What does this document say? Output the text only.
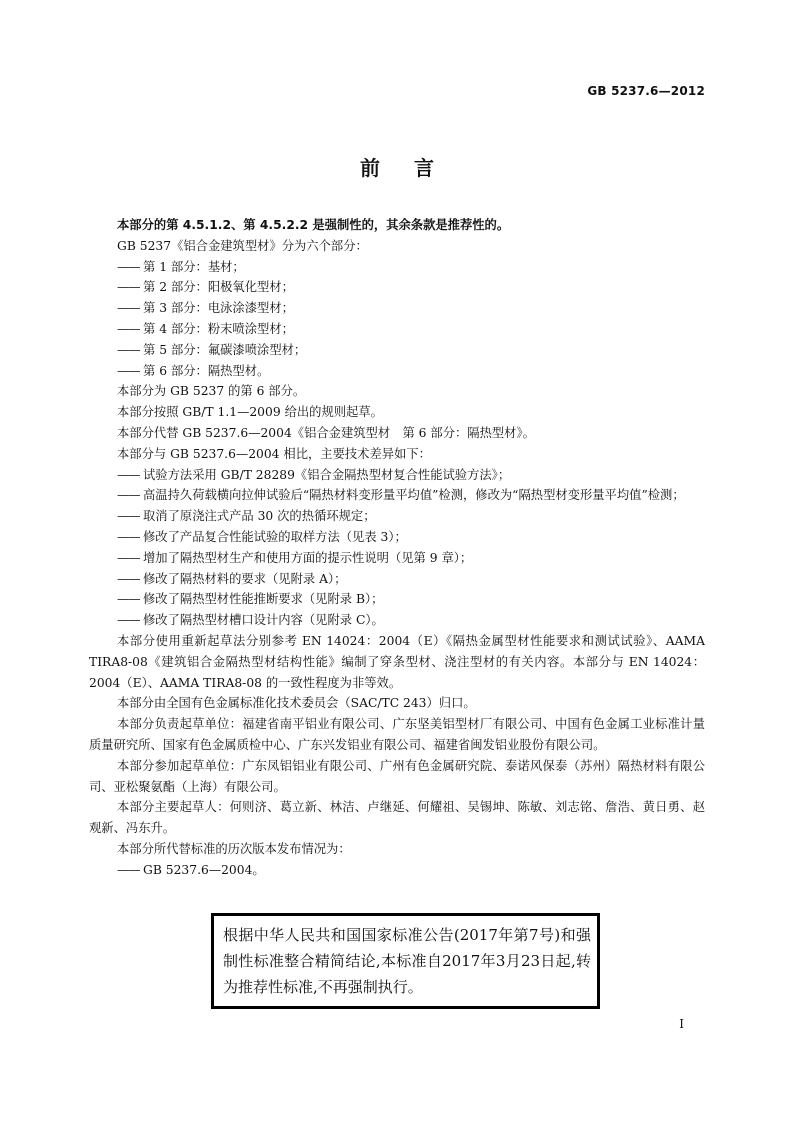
GB 5237.6—2012
前言

本部分的第 4.5.1.2、第 4.5.2.2 是强制性的，其余条款是推荐性的。

GB 5237《铝合金建筑型材》分为六个部分：

—— 第 1 部分：基材；

—— 第 2 部分：阳极氧化型材；

—— 第 3 部分：电泳涂漆型材；

—— 第 4 部分：粉末喷涂型材；

—— 第 5 部分：氟碳漆喷涂型材；

—— 第 6 部分：隔热型材。

本部分为 GB 5237 的第 6 部分。

本部分按照 GB/T 1.1—2009 给出的规则起草。

本部分代替 GB 5237.6—2004《铝合金建筑型材　第 6 部分：隔热型材》。

本部分与 GB 5237.6—2004 相比，主要技术差异如下：

—— 试验方法采用 GB/T 28289《铝合金隔热型材复合性能试验方法》；

—— 高温持久荷载横向拉伸试验后“隔热材料变形量平均值”检测，修改为“隔热型材变形量平均值”检测；

—— 取消了原浇注式产品 30 次的热循环规定；

—— 修改了产品复合性能试验的取样方法（见表 3）；

—— 增加了隔热型材生产和使用方面的提示性说明（见第 9 章）；

—— 修改了隔热材料的要求（见附录 A）；

—— 修改了隔热型材性能推断要求（见附录 B）；

—— 修改了隔热型材槽口设计内容（见附录 C）。

本部分使用重新起草法分别参考 EN 14024：2004（E）《隔热金属型材性能要求和测试试验》、AAMA TIRA8-08《建筑铝合金隔热型材结构性能》编制了穿条型材、浇注型材的有关内容。本部分与 EN 14024：2004（E）、AAMA TIRA8-08 的一致性程度为非等效。

本部分由全国有色金属标准化技术委员会（SAC/TC 243）归口。

本部分负责起草单位：福建省南平铝业有限公司、广东坚美铝型材厂有限公司、中国有色金属工业标准计量质量研究所、国家有色金属质检中心、广东兴发铝业有限公司、福建省闽发铝业股份有限公司。

本部分参加起草单位：广东凤铝铝业有限公司、广州有色金属研究院、泰诺风保泰（苏州）隔热材料有限公司、亚松聚氨酯（上海）有限公司。

本部分主要起草人：何则济、葛立新、林洁、卢继延、何耀祖、吴锡坤、陈敏、刘志铭、詹浩、黄日勇、赵观新、冯东升。

本部分所代替标准的历次版本发布情况为：

—— GB 5237.6—2004。

根据中华人民共和国国家标准公告(2017年第7号)和强制性标准整合精简结论,本标准自2017年3月23日起,转为推荐性标准,不再强制执行。
I
